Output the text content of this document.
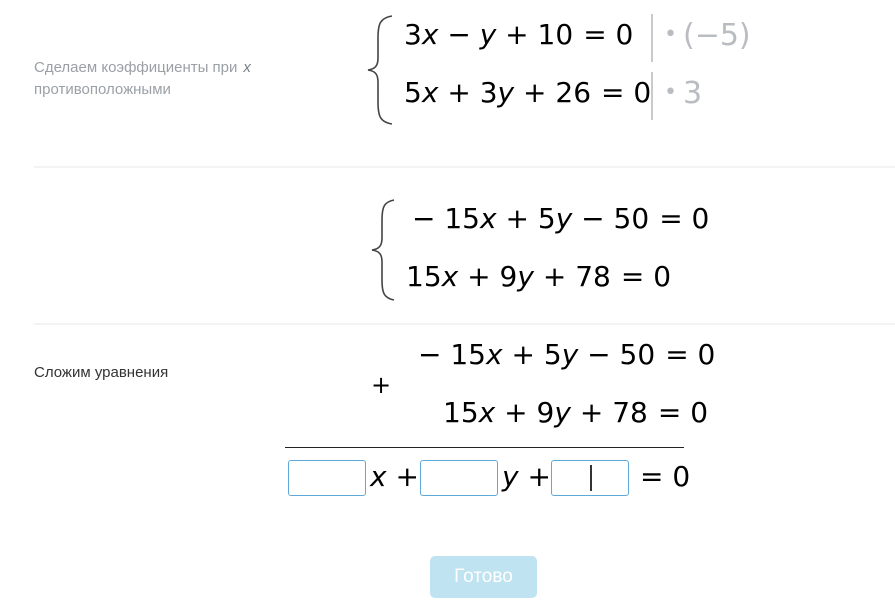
Сделаем коэффициенты при x
противоположными
3x − y + 10 = 0
5x + 3y + 26 = 0
• (−5)
• 3
− 15x + 5y − 50 = 0
15x + 9y + 78 = 0
Сложим уравнения	+
− 15x + 5y − 50 = 0
15x + 9y + 78 = 0
x +	y +	= 0
Готово
